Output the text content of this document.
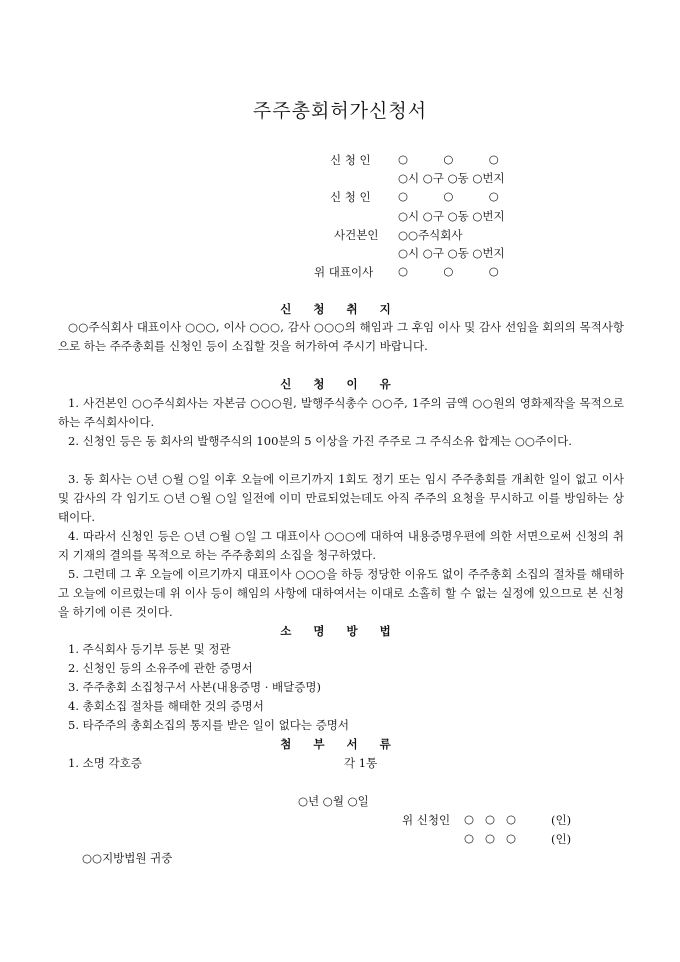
주주총회허가신청서
신 청 인 ○  ○  ○
○시 ○구 ○동 ○번지
신 청 인 ○  ○  ○
○시 ○구 ○동 ○번지
사건본인 ○○주식회사
○시 ○구 ○동 ○번지
위 대표이사 ○  ○  ○
신 청 취 지
○○주식회사 대표이사 ○○○, 이사 ○○○, 감사 ○○○의 해임과 그 후임 이사 및 감사 선임을 회의의 목적사항으로 하는 주주총회를 신청인 등이 소집할 것을 허가하여 주시기 바랍니다.
신 청 이 유
1. 사건본인 ○○주식회사는 자본금 ○○○원, 발행주식총수 ○○주, 1주의 금액 ○○원의 영화제작을 목적으로 하는 주식회사이다.
2. 신청인 등은 동 회사의 발행주식의 100분의 5 이상을 가진 주주로 그 주식소유 합계는 ○○주이다.
3. 동 회사는 ○년 ○월 ○일 이후 오늘에 이르기까지 1회도 정기 또는 임시 주주총회를 개최한 일이 없고 이사 및 감사의 각 임기도 ○년 ○월 ○일 일전에 이미 만료되었는데도 아직 주주의 요청을 무시하고 이를 방임하는 상태이다.
4. 따라서 신청인 등은 ○년 ○월 ○일 그 대표이사 ○○○에 대하여 내용증명우편에 의한 서면으로써 신청의 취지 기재의 결의를 목적으로 하는 주주총회의 소집을 청구하였다.
5. 그런데 그 후 오늘에 이르기까지 대표이사 ○○○을 하등 정당한 이유도 없이 주주총회 소집의 절차를 해태하고 오늘에 이르렀는데 위 이사 등이 해임의 사항에 대하여서는 이대로 소홀히 할 수 없는 실정에 있으므로 본 신청을 하기에 이른 것이다.
소 명 방 법
1. 주식회사 등기부 등본 및 정관
2. 신청인 등의 소유주에 관한 증명서
3. 주주총회 소집청구서 사본(내용증명 · 배달증명)
4. 총회소집 절차를 해태한 것의 증명서
5. 타주주의 총회소집의 통지를 받은 일이 없다는 증명서
첨 부 서 류
1. 소명 각호증	각 1통
○년 ○월 ○일
위 신청인 ○   ○   ○	(인)
○   ○   ○	(인)
○○지방법원 귀중
